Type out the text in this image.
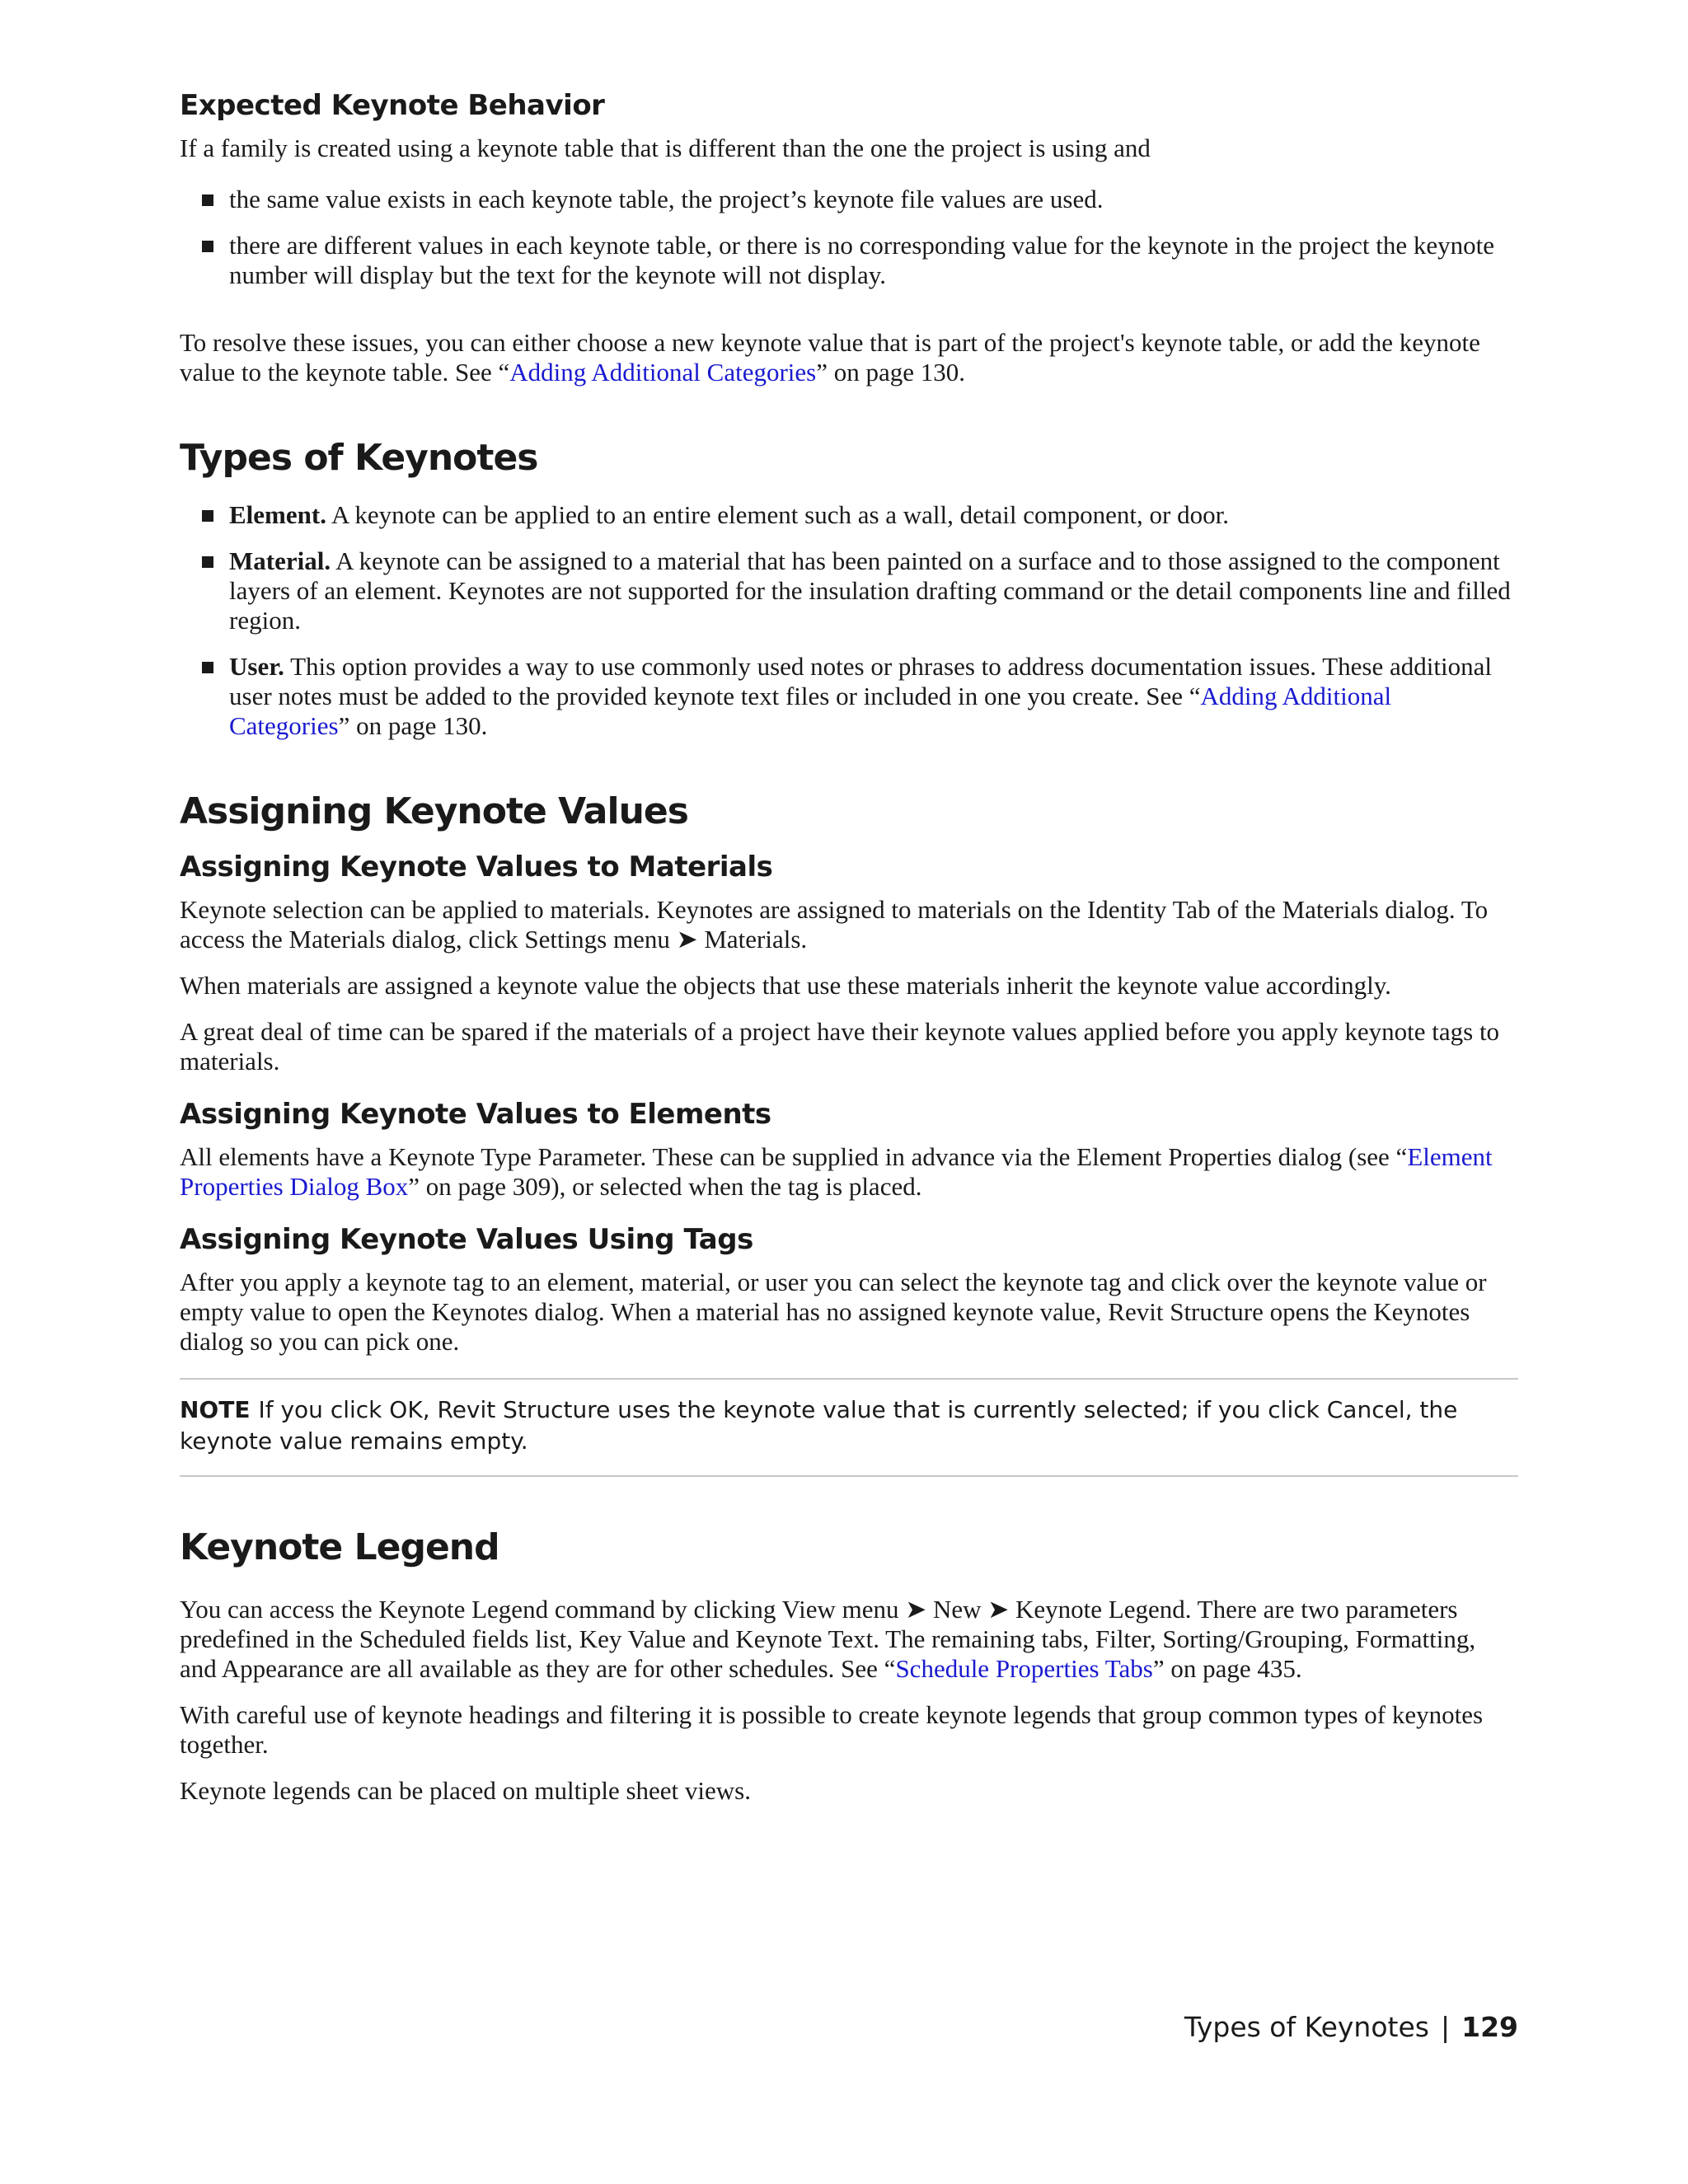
Expected Keynote Behavior

If a family is created using a keynote table that is different than the one the project is using and

the same value exists in each keynote table, the project’s keynote file values are used.
there are different values in each keynote table, or there is no corresponding value for the keynote in the project the keynote number will display but the text for the keynote will not display.

To resolve these issues, you can either choose a new keynote value that is part of the project's keynote table, or add the keynote value to the keynote table. See “Adding Additional Categories” on page 130.

Types of Keynotes
Element. A keynote can be applied to an entire element such as a wall, detail component, or door.
Material. A keynote can be assigned to a material that has been painted on a surface and to those assigned to the component layers of an element. Keynotes are not supported for the insulation drafting command or the detail components line and filled region.
User. This option provides a way to use commonly used notes or phrases to address documentation issues. These additional user notes must be added to the provided keynote text files or included in one you create. See “Adding Additional Categories” on page 130.
Assigning Keynote Values
Assigning Keynote Values to Materials

Keynote selection can be applied to materials. Keynotes are assigned to materials on the Identity Tab of the Materials dialog. To access the Materials dialog, click Settings menu ➤ Materials.

When materials are assigned a keynote value the objects that use these materials inherit the keynote value accordingly.

A great deal of time can be spared if the materials of a project have their keynote values applied before you apply keynote tags to materials.

Assigning Keynote Values to Elements

All elements have a Keynote Type Parameter. These can be supplied in advance via the Element Properties dialog (see “Element Properties Dialog Box” on page 309), or selected when the tag is placed.

Assigning Keynote Values Using Tags

After you apply a keynote tag to an element, material, or user you can select the keynote tag and click over the keynote value or empty value to open the Keynotes dialog. When a material has no assigned keynote value, Revit Structure opens the Keynotes dialog so you can pick one.

NOTE If you click OK, Revit Structure uses the keynote value that is currently selected; if you click Cancel, the keynote value remains empty.

Keynote Legend

You can access the Keynote Legend command by clicking View menu ➤ New ➤ Keynote Legend. There are two parameters predefined in the Scheduled fields list, Key Value and Keynote Text. The remaining tabs, Filter, Sorting/Grouping, Formatting, and Appearance are all available as they are for other schedules. See “Schedule Properties Tabs” on page 435.

With careful use of keynote headings and filtering it is possible to create keynote legends that group common types of keynotes together.

Keynote legends can be placed on multiple sheet views.

Types of Keynotes | 129
